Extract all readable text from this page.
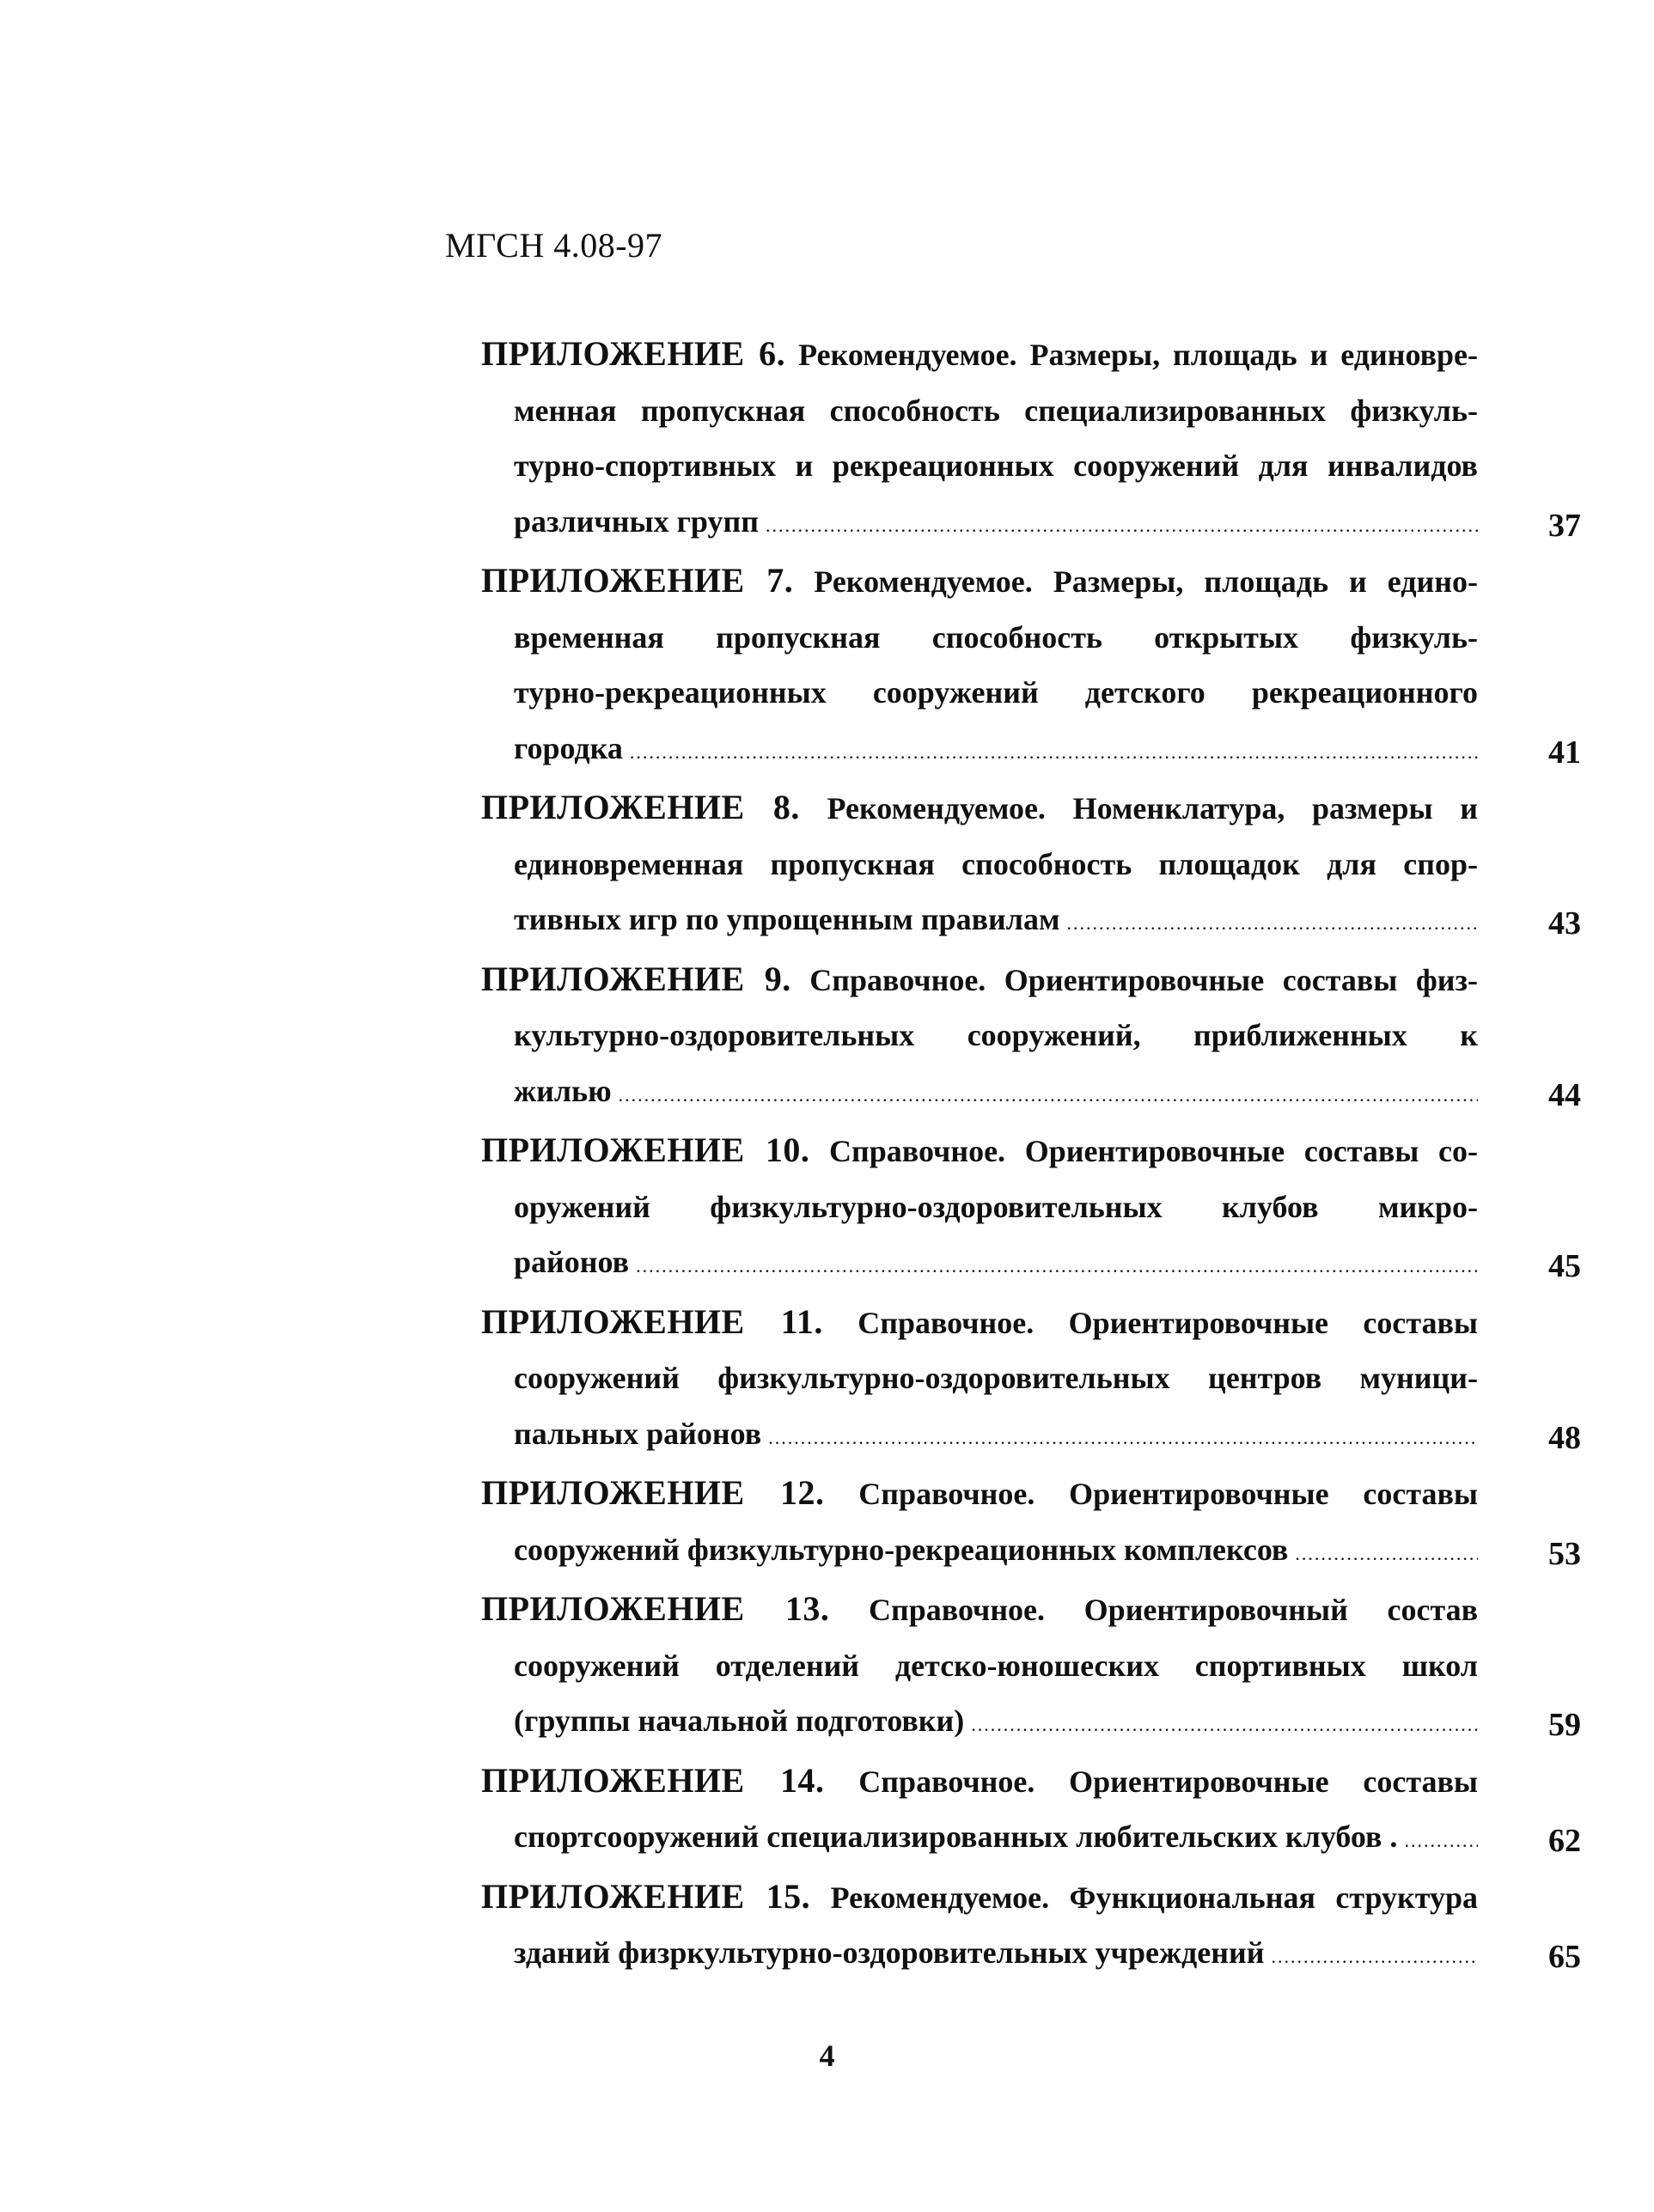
МГСН 4.08-97
ПРИЛОЖЕНИЕ 6. Рекомендуемое. Размеры, площадь и единовре-
менная пропускная способность специализированных физкуль-
турно-спортивных и рекреационных сооружений для инвалидов
различных групп .....	37
ПРИЛОЖЕНИЕ 7. Рекомендуемое. Размеры, площадь и едино-
временная пропускная способность открытых физкуль-
турно-рекреационных сооружений детского рекреационного
городка .....	41
ПРИЛОЖЕНИЕ 8. Рекомендуемое. Номенклатура, размеры и
единовременная пропускная способность площадок для спор-
тивных игр по упрощенным правилам .....	43
ПРИЛОЖЕНИЕ 9. Справочное. Ориентировочные составы физ-
культурно-оздоровительных сооружений, приближенных к
жилью .....	44
ПРИЛОЖЕНИЕ 10. Справочное. Ориентировочные составы со-
оружений физкультурно-оздоровительных клубов микро-
районов .....	45
ПРИЛОЖЕНИЕ 11. Справочное. Ориентировочные составы
сооружений физкультурно-оздоровительных центров муници-
пальных районов .....	48
ПРИЛОЖЕНИЕ 12. Справочное. Ориентировочные составы
сооружений физкультурно-рекреационных комплексов .....	53
ПРИЛОЖЕНИЕ 13. Справочное. Ориентировочный состав
сооружений отделений детско-юношеских спортивных школ
(группы начальной подготовки) .....	59
ПРИЛОЖЕНИЕ 14. Справочное. Ориентировочные составы
спортсооружений специализированных любительских клубов . .....	62
ПРИЛОЖЕНИЕ 15. Рекомендуемое. Функциональная структура
зданий физркультурно-оздоровительных учреждений .....	65
4
